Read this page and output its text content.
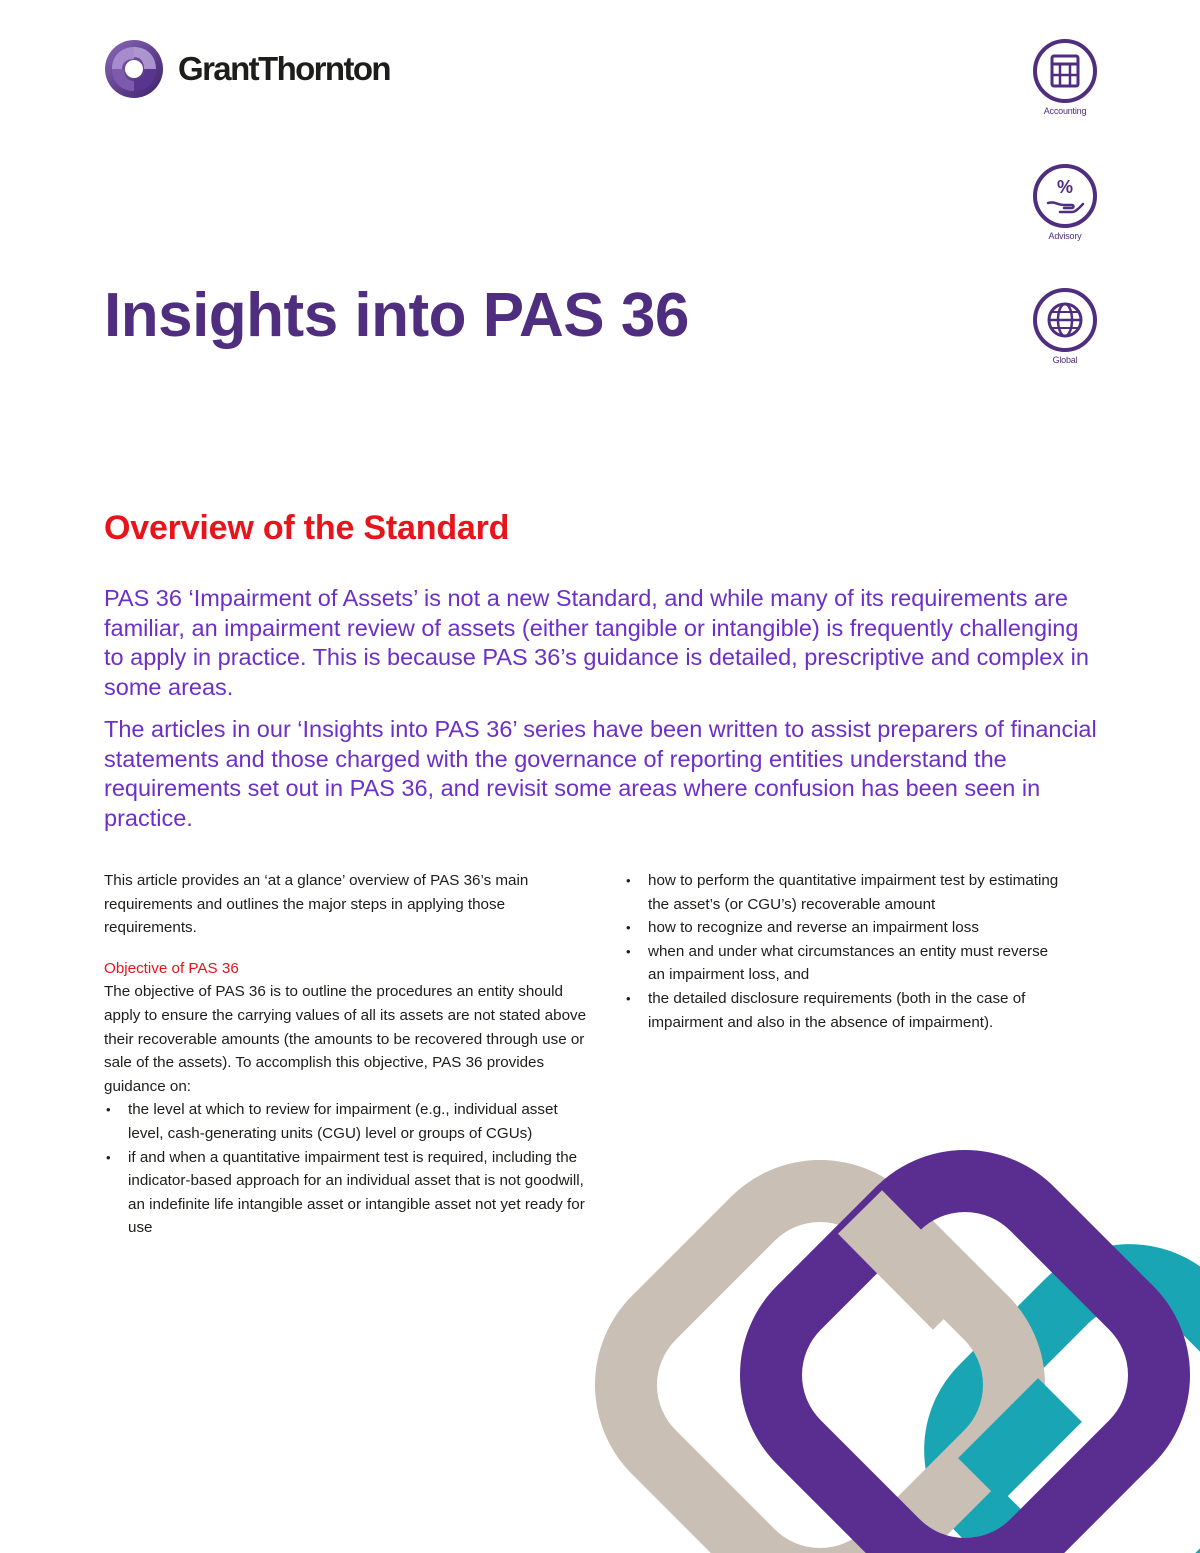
GrantThornton
Accounting
%
Advisory
Global
Insights into PAS 36
Overview of the Standard

PAS 36 ‘Impairment of Assets’ is not a new Standard, and while many of its requirements are familiar, an impairment review of assets (either tangible or intangible) is frequently challenging to apply in practice. This is because PAS 36’s guidance is detailed, prescriptive and complex in some areas.

The articles in our ‘Insights into PAS 36’ series have been written to assist preparers of financial statements and those charged with the governance of reporting entities understand the requirements set out in PAS 36, and revisit some areas where confusion has been seen in practice.

This article provides an ‘at a glance’ overview of PAS 36’s main requirements and outlines the major steps in applying those requirements.

Objective of PAS 36

The objective of PAS 36 is to outline the procedures an entity should apply to ensure the carrying values of all its assets are not stated above their recoverable amounts (the amounts to be recovered through use or sale of the assets). To accomplish this objective, PAS 36 provides guidance on:

• the level at which to review for impairment (e.g., individual asset level, cash-generating units (CGU) level or groups of CGUs)
• if and when a quantitative impairment test is required, including the indicator-based approach for an individual asset that is not goodwill, an indefinite life intangible asset or intangible asset not yet ready for use
• how to perform the quantitative impairment test by estimating the asset’s (or CGU’s) recoverable amount
• how to recognize and reverse an impairment loss
• when and under what circumstances an entity must reverse an impairment loss, and
• the detailed disclosure requirements (both in the case of impairment and also in the absence of impairment).
